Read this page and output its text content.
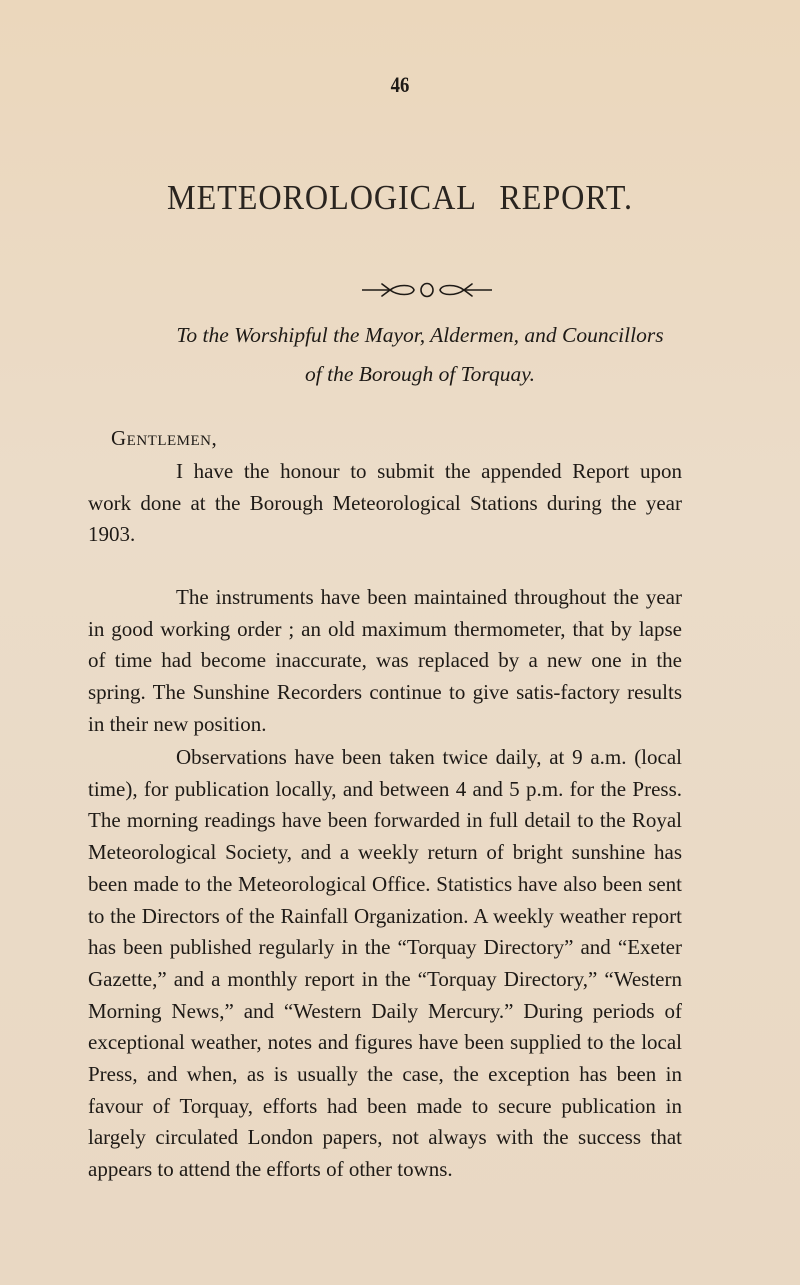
46
METEOROLOGICAL REPORT.
To the Worshipful the Mayor, Aldermen, and Councillors
of the Borough of Torquay.
Gentlemen,

I have the honour to submit the appended Report upon work done at the Borough Meteorological Stations during the year 1903.

The instruments have been maintained throughout the year in good working order ; an old maximum thermometer, that by lapse of time had become inaccurate, was replaced by a new one in the spring. The Sunshine Recorders continue to give satis-factory results in their new position.

Observations have been taken twice daily, at 9 a.m. (local time), for publication locally, and between 4 and 5 p.m. for the Press. The morning readings have been forwarded in full detail to the Royal Meteorological Society, and a weekly return of bright sunshine has been made to the Meteorological Office. Statistics have also been sent to the Directors of the Rainfall Organization. A weekly weather report has been published regularly in the “Torquay Directory” and “Exeter Gazette,” and a monthly report in the “Torquay Directory,” “Western Morning News,” and “Western Daily Mercury.” During periods of exceptional weather, notes and figures have been supplied to the local Press, and when, as is usually the case, the exception has been in favour of Torquay, efforts had been made to secure publication in largely circulated London papers, not always with the success that appears to attend the efforts of other towns.
